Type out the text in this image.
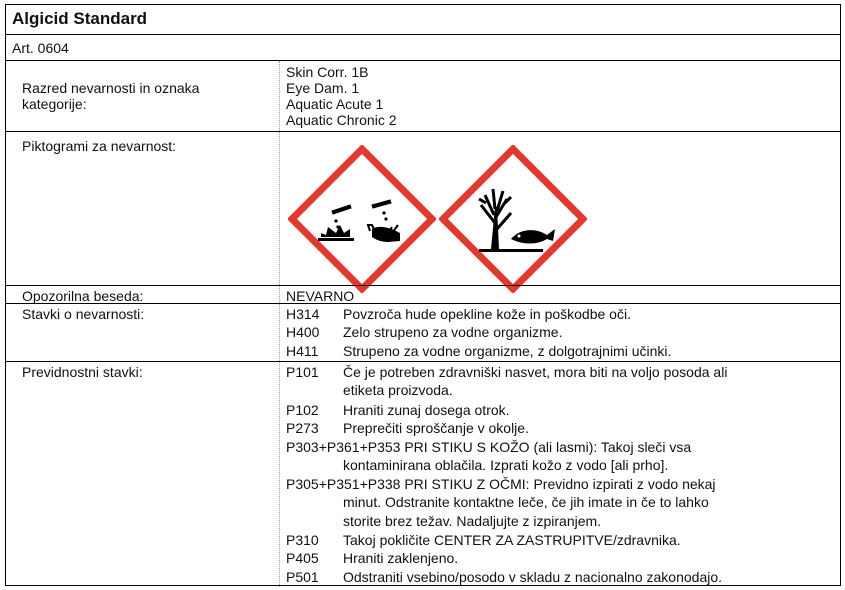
Algicid Standard
Art. 0604
Razred nevarnosti in oznaka kategorije:
Skin Corr. 1B
Eye Dam. 1
Aquatic Acute 1
Aquatic Chronic 2
Piktogrami za nevarnost:
Opozorilna beseda:	NEVARNO
Stavki o nevarnosti:	H314 Povzroča hude opekline kože in poškodbe oči.
H400 Zelo strupeno za vodne organizme.
H411 Strupeno za vodne organizme, z dolgotrajnimi učinki.
Previdnostni stavki:	P101 Če je potreben zdravniški nasvet, mora biti na voljo posoda ali
etiketa proizvoda.
P102 Hraniti zunaj dosega otrok.
P273 Preprečiti sproščanje v okolje.
P303+P361+P353 PRI STIKU S KOŽO (ali lasmi): Takoj sleči vsa
kontaminirana oblačila. Izprati kožo z vodo [ali prho].
P305+P351+P338 PRI STIKU Z OČMI: Previdno izpirati z vodo nekaj
minut. Odstranite kontaktne leče, če jih imate in če to lahko
storite brez težav. Nadaljujte z izpiranjem.
P310 Takoj pokličite CENTER ZA ZASTRUPITVE/zdravnika.
P405 Hraniti zaklenjeno.
P501 Odstraniti vsebino/posodo v skladu z nacionalno zakonodajo.
